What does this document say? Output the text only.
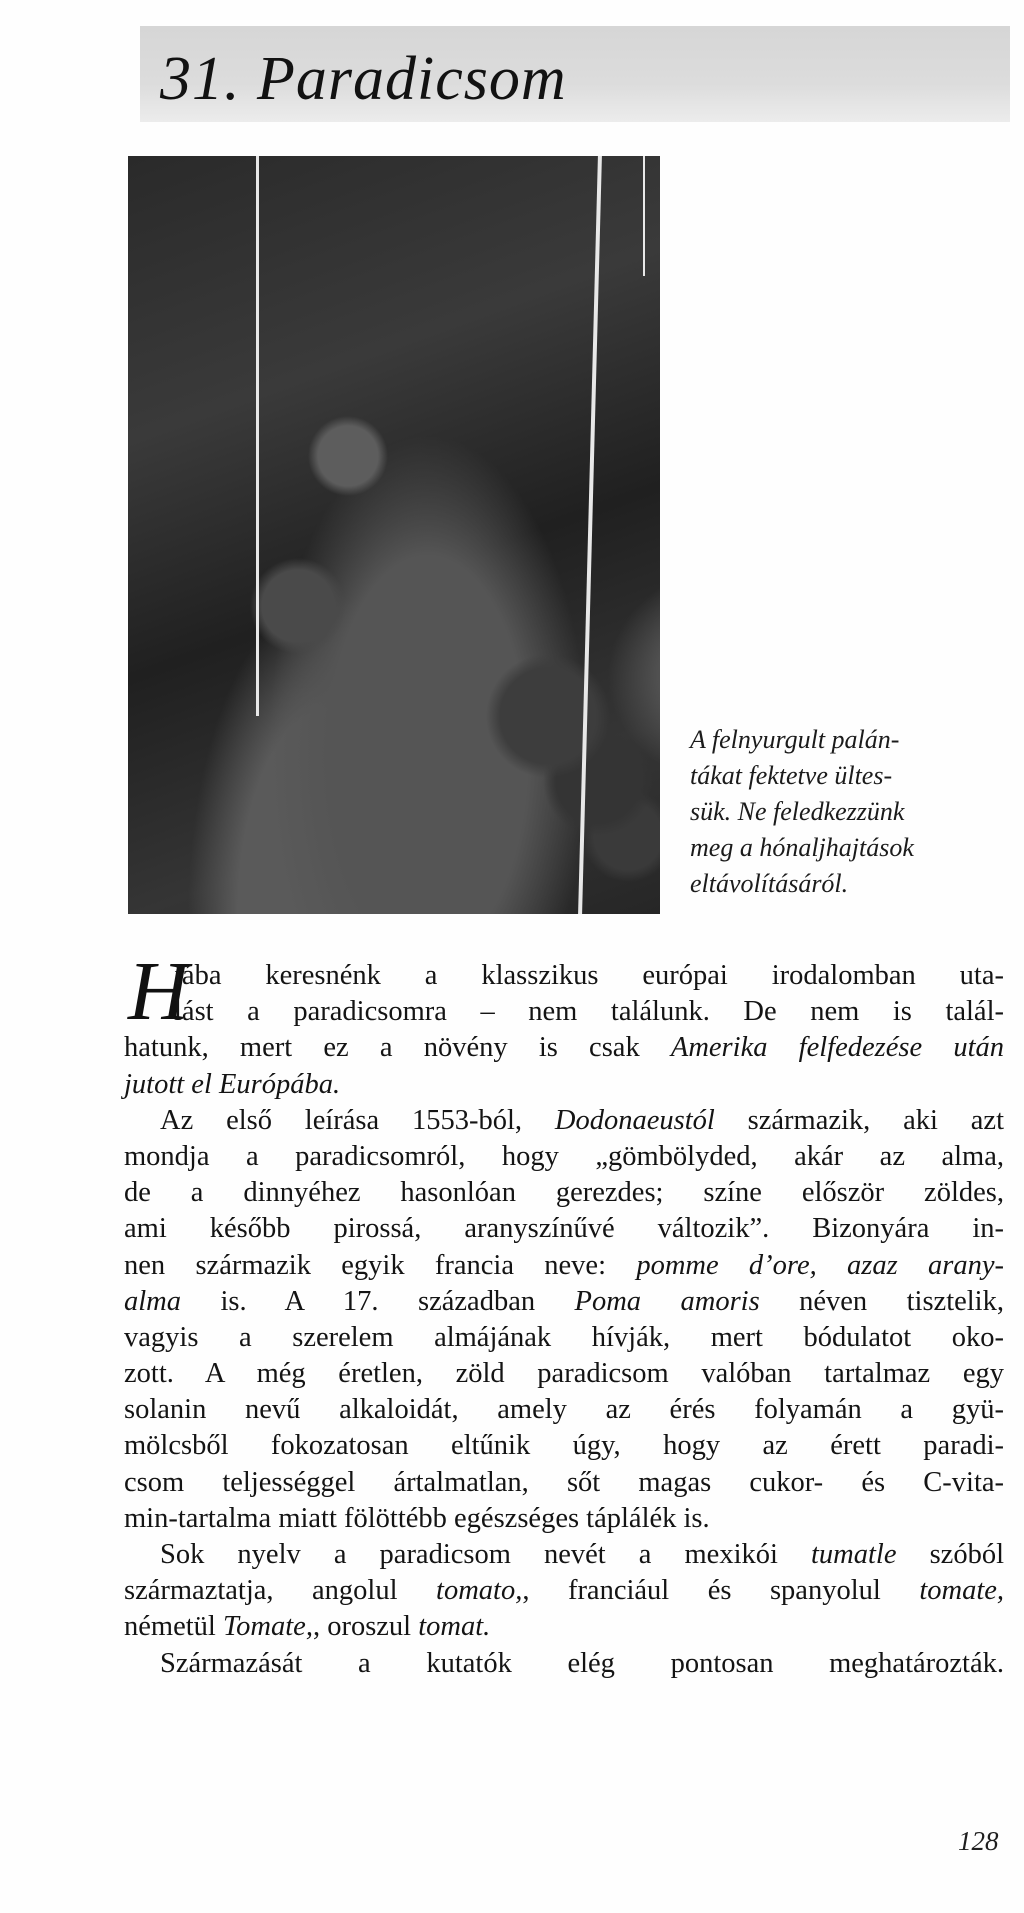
31. Paradicsom
A felnyurgult palán-
tákat fektetve ültes-
sük. Ne feledkezzünk
meg a hónaljhajtások
eltávolításáról.
H
iába keresnénk a klasszikus európai irodalomban uta-
lást a paradicsomra – nem találunk. De nem is talál-
hatunk, mert ez a növény is csak Amerika felfedezése után
jutott el Európába.
Az első leírása 1553-ból, Dodonaeustól származik, aki azt
mondja a paradicsomról, hogy „gömbölyded, akár az alma,
de a dinnyéhez hasonlóan gerezdes; színe először zöldes,
ami később pirossá, aranyszínűvé változik”. Bizonyára in-
nen származik egyik francia neve: pomme d’ore, azaz arany-
alma is. A 17. században Poma amoris néven tisztelik,
vagyis a szerelem almájának hívják, mert bódulatot oko-
zott. A még éretlen, zöld paradicsom valóban tartalmaz egy
solanin nevű alkaloidát, amely az érés folyamán a gyü-
mölcsből fokozatosan eltűnik úgy, hogy az érett paradi-
csom teljességgel ártalmatlan, sőt magas cukor- és C-vita-
min-tartalma miatt fölöttébb egészséges táplálék is.
Sok nyelv a paradicsom nevét a mexikói tumatle szóból
származtatja, angolul tomato,, franciául és spanyolul tomate,
németül Tomate,, oroszul tomat.
Származását a kutatók elég pontosan meghatározták.
128
